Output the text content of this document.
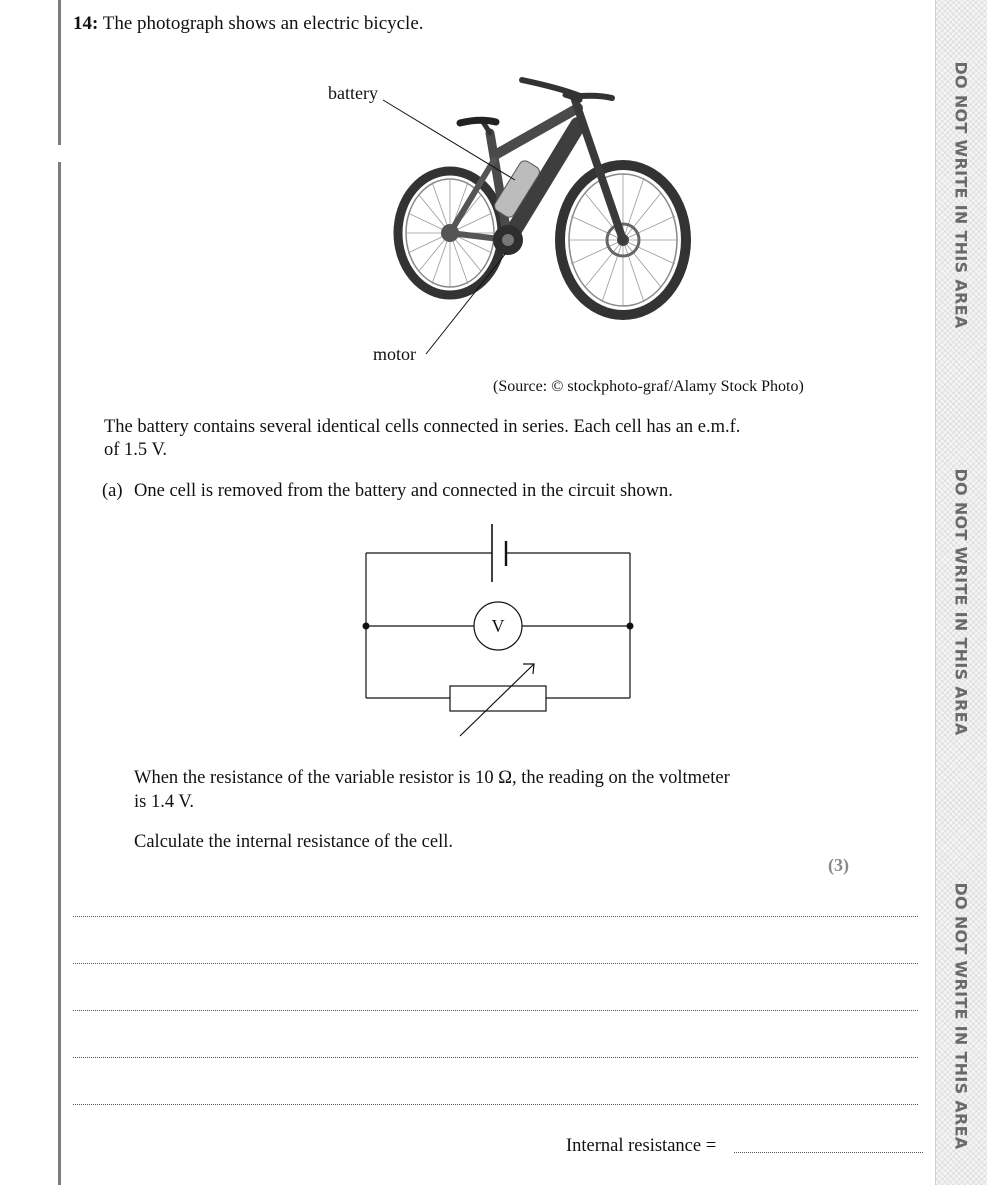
DO NOT WRITE IN THIS AREA
DO NOT WRITE IN THIS AREA
DO NOT WRITE IN THIS AREA
14: The photograph shows an electric bicycle.
battery
motor
(Source: © stockphoto-graf/Alamy Stock Photo)
The battery contains several identical cells connected in series. Each cell has an e.m.f.
of 1.5 V.
(a) One cell is removed from the battery and connected in the circuit shown.
V
When the resistance of the variable resistor is 10 Ω, the reading on the voltmeter
is 1.4 V.
Calculate the internal resistance of the cell.
(3)
Internal resistance =
